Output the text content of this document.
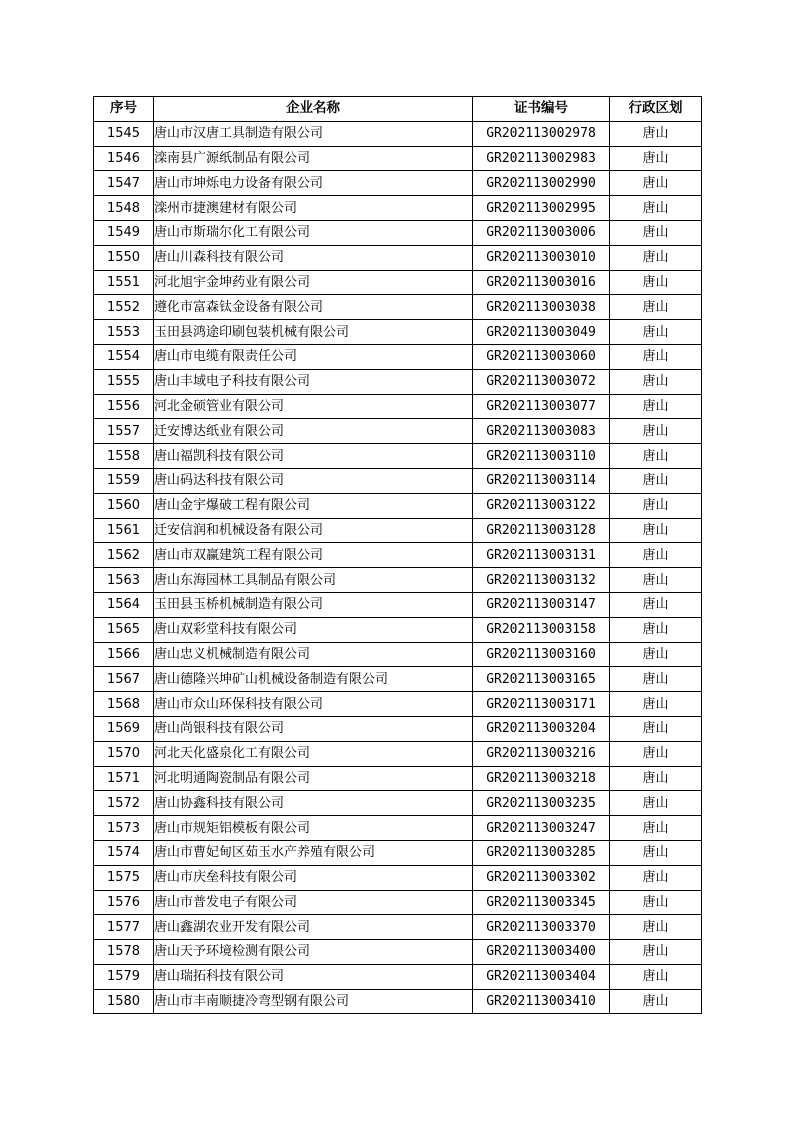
序号	企业名称	证书编号	行政区划
1545	唐山市汉唐工具制造有限公司	GR202113002978	唐山
1546	滦南县广源纸制品有限公司	GR202113002983	唐山
1547	唐山市坤烁电力设备有限公司	GR202113002990	唐山
1548	滦州市捷澳建材有限公司	GR202113002995	唐山
1549	唐山市斯瑞尔化工有限公司	GR202113003006	唐山
1550	唐山川森科技有限公司	GR202113003010	唐山
1551	河北旭宇金坤药业有限公司	GR202113003016	唐山
1552	遵化市富森钛金设备有限公司	GR202113003038	唐山
1553	玉田县鸿途印刷包装机械有限公司	GR202113003049	唐山
1554	唐山市电缆有限责任公司	GR202113003060	唐山
1555	唐山丰域电子科技有限公司	GR202113003072	唐山
1556	河北金硕管业有限公司	GR202113003077	唐山
1557	迁安博达纸业有限公司	GR202113003083	唐山
1558	唐山福凯科技有限公司	GR202113003110	唐山
1559	唐山码达科技有限公司	GR202113003114	唐山
1560	唐山金宇爆破工程有限公司	GR202113003122	唐山
1561	迁安信润和机械设备有限公司	GR202113003128	唐山
1562	唐山市双赢建筑工程有限公司	GR202113003131	唐山
1563	唐山东海园林工具制品有限公司	GR202113003132	唐山
1564	玉田县玉桥机械制造有限公司	GR202113003147	唐山
1565	唐山双彩堂科技有限公司	GR202113003158	唐山
1566	唐山忠义机械制造有限公司	GR202113003160	唐山
1567	唐山德隆兴坤矿山机械设备制造有限公司	GR202113003165	唐山
1568	唐山市众山环保科技有限公司	GR202113003171	唐山
1569	唐山尚银科技有限公司	GR202113003204	唐山
1570	河北天化盛泉化工有限公司	GR202113003216	唐山
1571	河北明通陶瓷制品有限公司	GR202113003218	唐山
1572	唐山协鑫科技有限公司	GR202113003235	唐山
1573	唐山市规矩铝模板有限公司	GR202113003247	唐山
1574	唐山市曹妃甸区茹玉水产养殖有限公司	GR202113003285	唐山
1575	唐山市庆垒科技有限公司	GR202113003302	唐山
1576	唐山市普发电子有限公司	GR202113003345	唐山
1577	唐山鑫湖农业开发有限公司	GR202113003370	唐山
1578	唐山天予环境检测有限公司	GR202113003400	唐山
1579	唐山瑞拓科技有限公司	GR202113003404	唐山
1580	唐山市丰南顺捷冷弯型钢有限公司	GR202113003410	唐山
